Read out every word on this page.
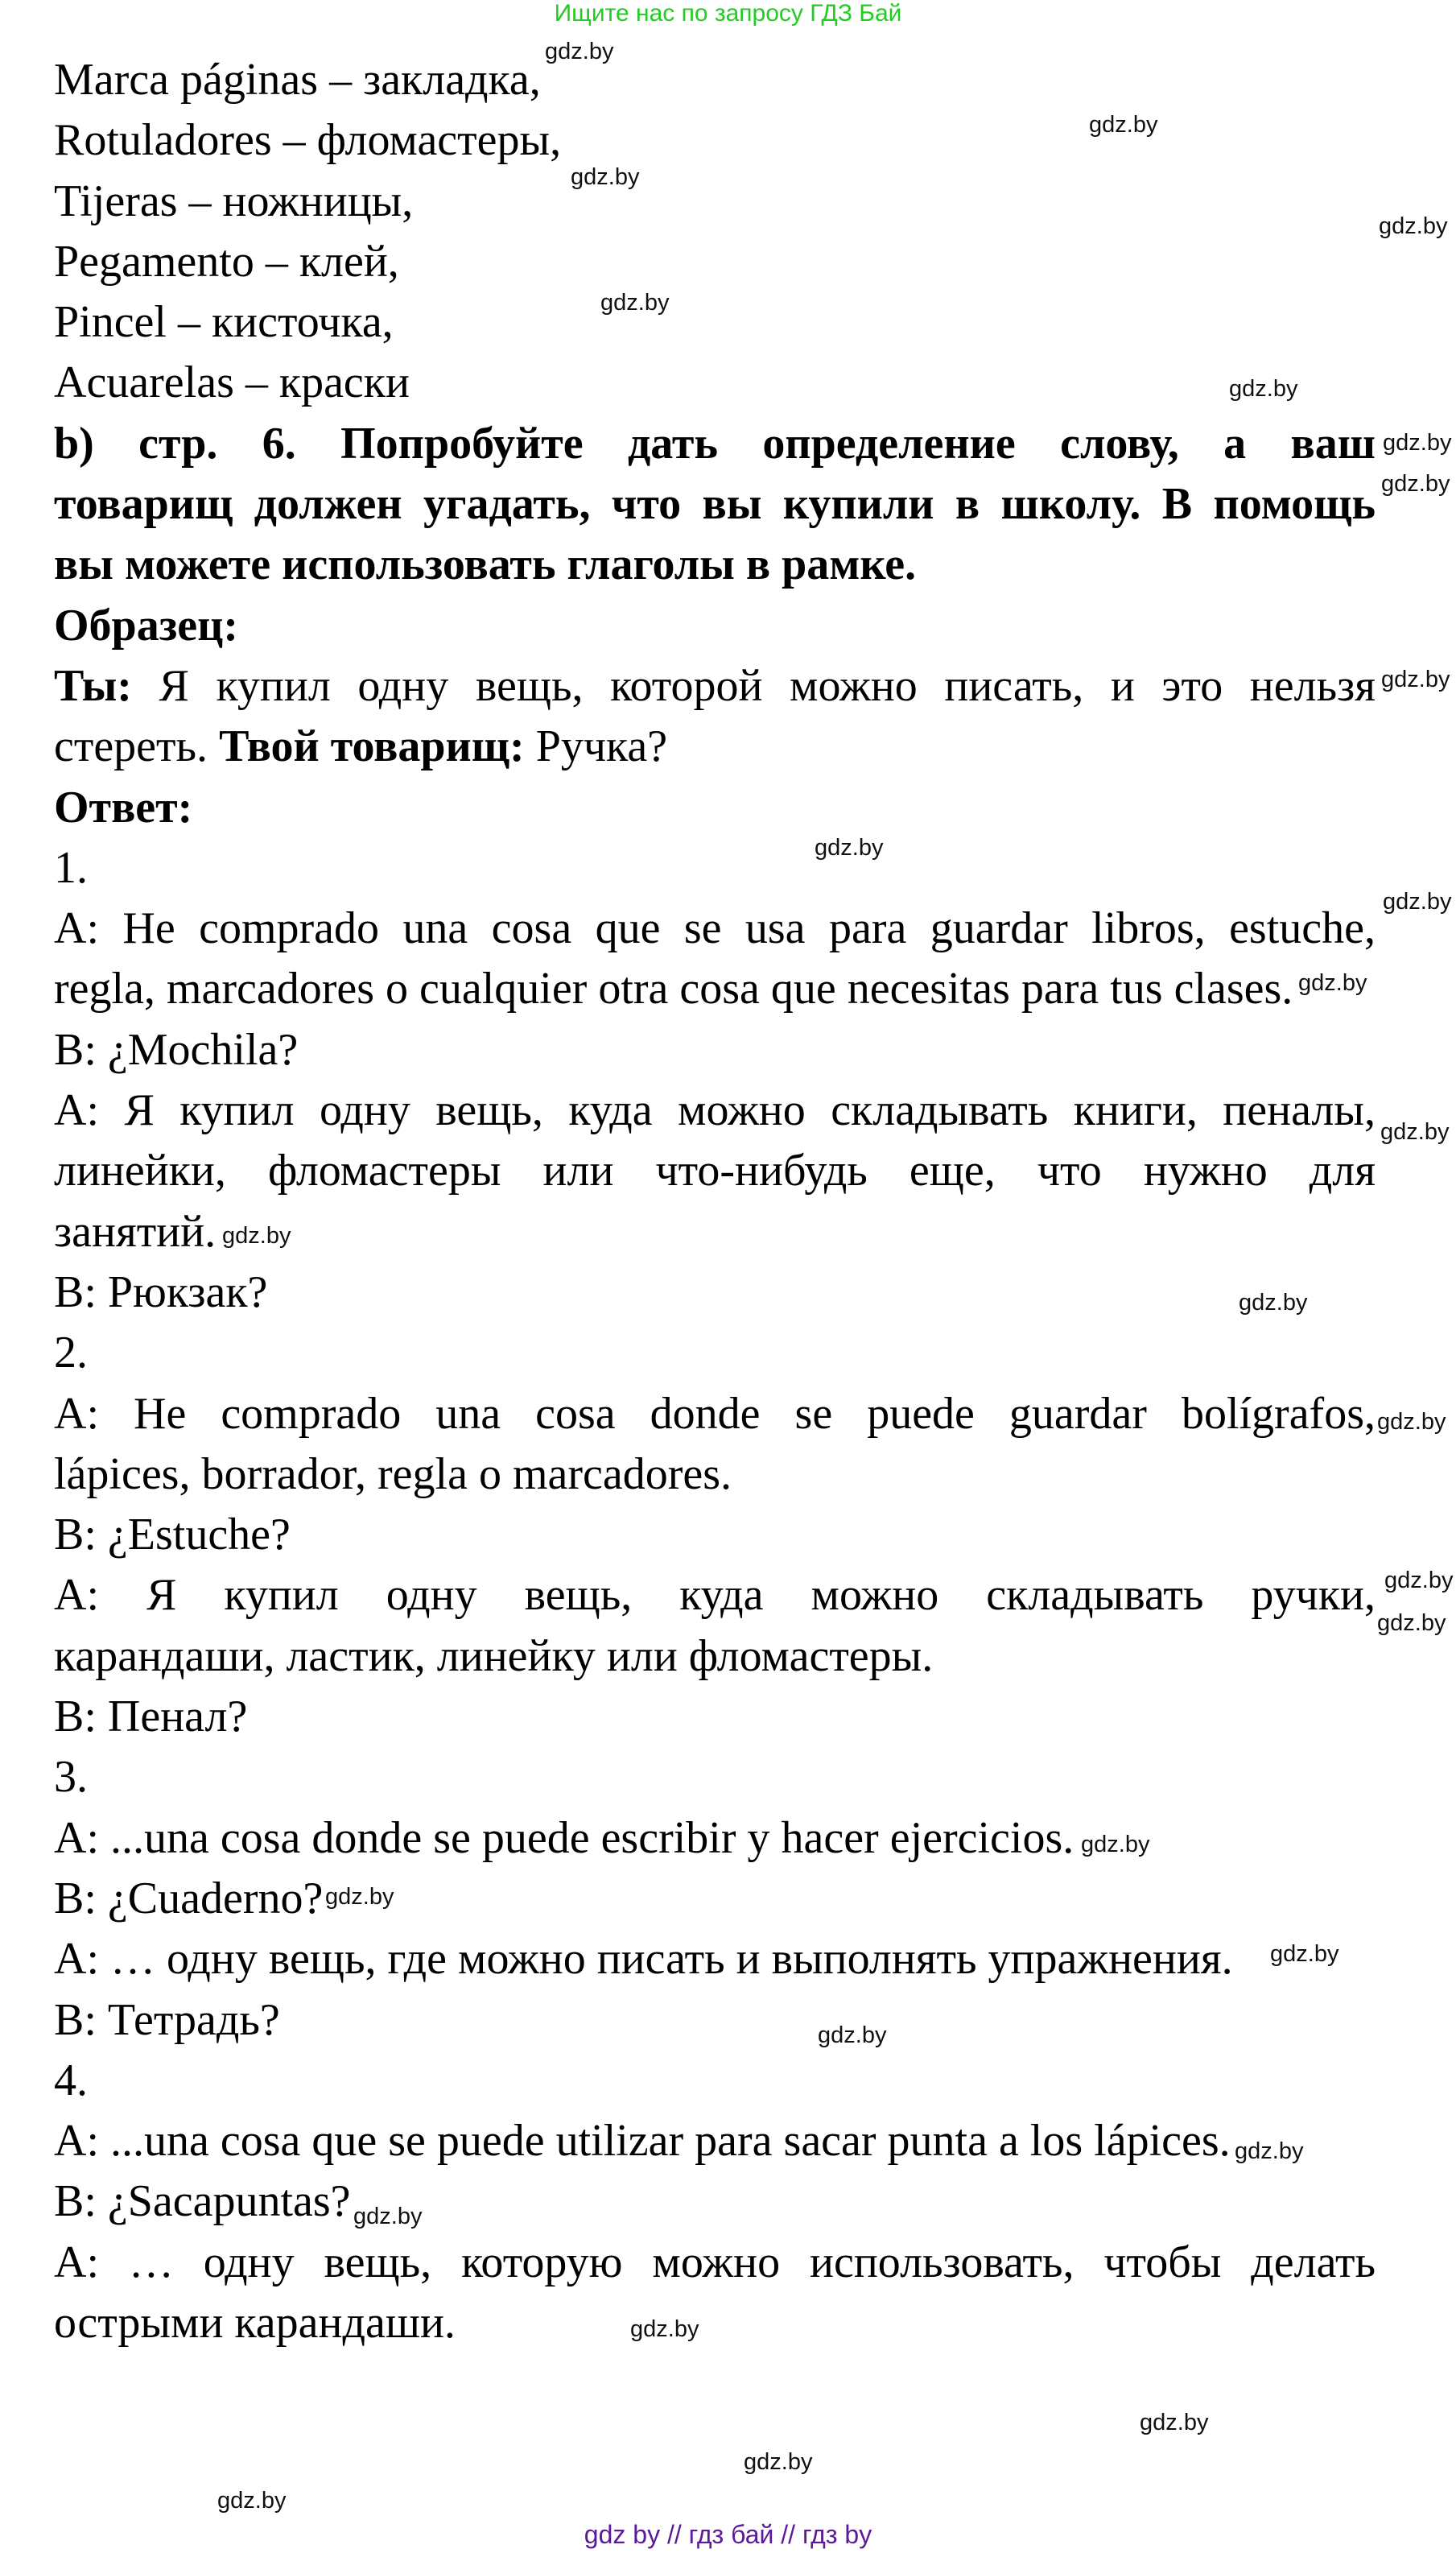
Ищите нас по запросу ГДЗ Бай
Marca páginas – закладка,
Rotuladores – фломастеры,
Tijeras – ножницы,
Pegamento – клей,
Pincel – кисточка,
Acuarelas – краски
b) стр. 6. Попробуйте дать определение слову, а ваш
товарищ должен угадать, что вы купили в школу. В помощь
вы можете использовать глаголы в рамке.
Образец:
Ты: Я купил одну вещь, которой можно писать, и это нельзя
стереть. Твой товарищ: Ручка?
Ответ:
1.
A: He comprado una cosa que se usa para guardar libros, estuche,
regla, marcadores o cualquier otra cosa que necesitas para tus clases.
B: ¿Mochila?
A: Я купил одну вещь, куда можно складывать книги, пеналы,
линейки, фломастеры или что-нибудь еще, что нужно для
занятий.
B: Рюкзак?
2.
A: He comprado una cosa donde se puede guardar bolígrafos,
lápices, borrador, regla o marcadores.
B: ¿Estuche?
A: Я купил одну вещь, куда можно складывать ручки,
карандаши, ластик, линейку или фломастеры.
B: Пенал?
3.
A: ...una cosa donde se puede escribir y hacer ejercicios.
B: ¿Cuaderno?
A: … одну вещь, где можно писать и выполнять упражнения.
B: Тетрадь?
4.
A: ...una cosa que se puede utilizar para sacar punta a los lápices.
B: ¿Sacapuntas?
A: … одну вещь, которую можно использовать, чтобы делать
острыми карандаши.
gdz.by
gdz.by
gdz.by
gdz.by
gdz.by
gdz.by
gdz.by
gdz.by
gdz.by
gdz.by
gdz.by
gdz.by
gdz.by
gdz.by
gdz.by
gdz.by
gdz.by
gdz.by
gdz.by
gdz.by
gdz.by
gdz.by
gdz.by
gdz.by
gdz.by
gdz.by
gdz.by
gdz.by
gdz by // гдз бай // гдз by
